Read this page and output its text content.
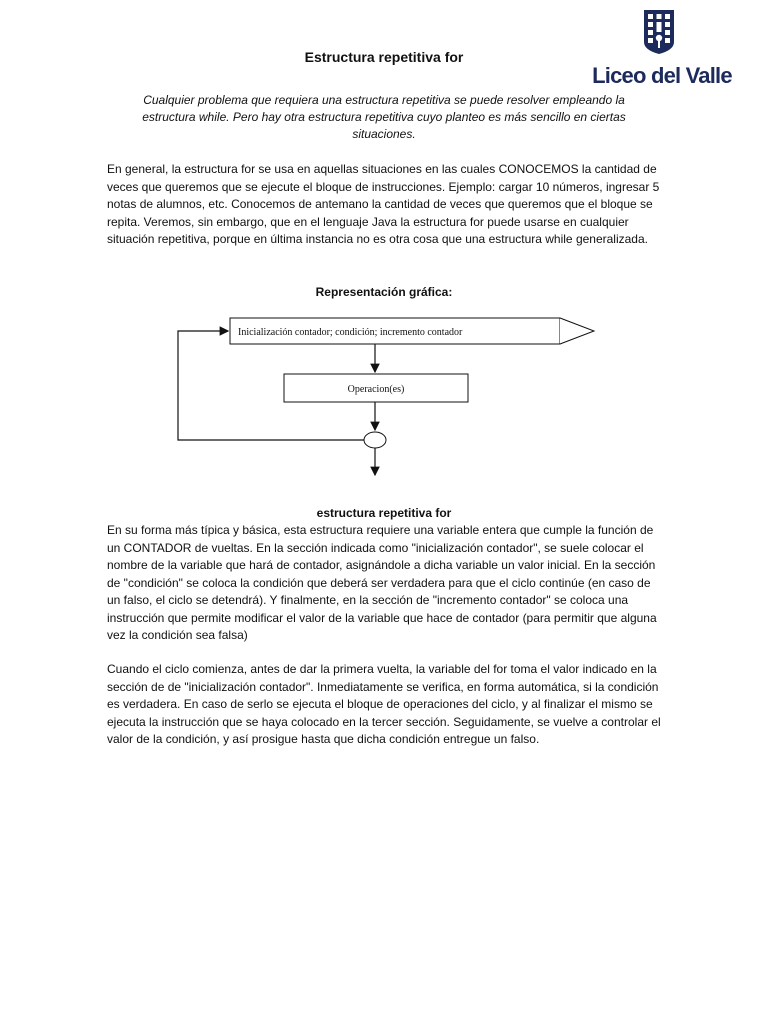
Liceo del Valle
Estructura repetitiva for
Cualquier problema que requiera una estructura repetitiva se puede resolver empleando la estructura while. Pero hay otra estructura repetitiva cuyo planteo es más sencillo en ciertas situaciones.

En general, la estructura for se usa en aquellas situaciones en las cuales CONOCEMOS la cantidad de veces que queremos que se ejecute el bloque de instrucciones. Ejemplo: cargar 10 números, ingresar 5 notas de alumnos, etc. Conocemos de antemano la cantidad de veces que queremos que el bloque se repita. Veremos, sin embargo, que en el lenguaje Java la estructura for puede usarse en cualquier situación repetitiva, porque en última instancia no es otra cosa que una estructura while generalizada.

Representación gráfica:
Inicialización contador; condición; incremento contador
Operacion(es)
estructura repetitiva for

En su forma más típica y básica, esta estructura requiere una variable entera que cumple la función de un CONTADOR de vueltas. En la sección indicada como "inicialización contador", se suele colocar el nombre de la variable que hará de contador, asignándole a dicha variable un valor inicial. En la sección de "condición" se coloca la condición que deberá ser verdadera para que el ciclo continúe (en caso de un falso, el ciclo se detendrá). Y finalmente, en la sección de "incremento contador" se coloca una instrucción que permite modificar el valor de la variable que hace de contador (para permitir que alguna vez la condición sea falsa)

Cuando el ciclo comienza, antes de dar la primera vuelta, la variable del for toma el valor indicado en la sección de de "inicialización contador". Inmediatamente se verifica, en forma automática, si la condición es verdadera. En caso de serlo se ejecuta el bloque de operaciones del ciclo, y al finalizar el mismo se ejecuta la instrucción que se haya colocado en la tercer sección. Seguidamente, se vuelve a controlar el valor de la condición, y así prosigue hasta que dicha condición entregue un falso.
